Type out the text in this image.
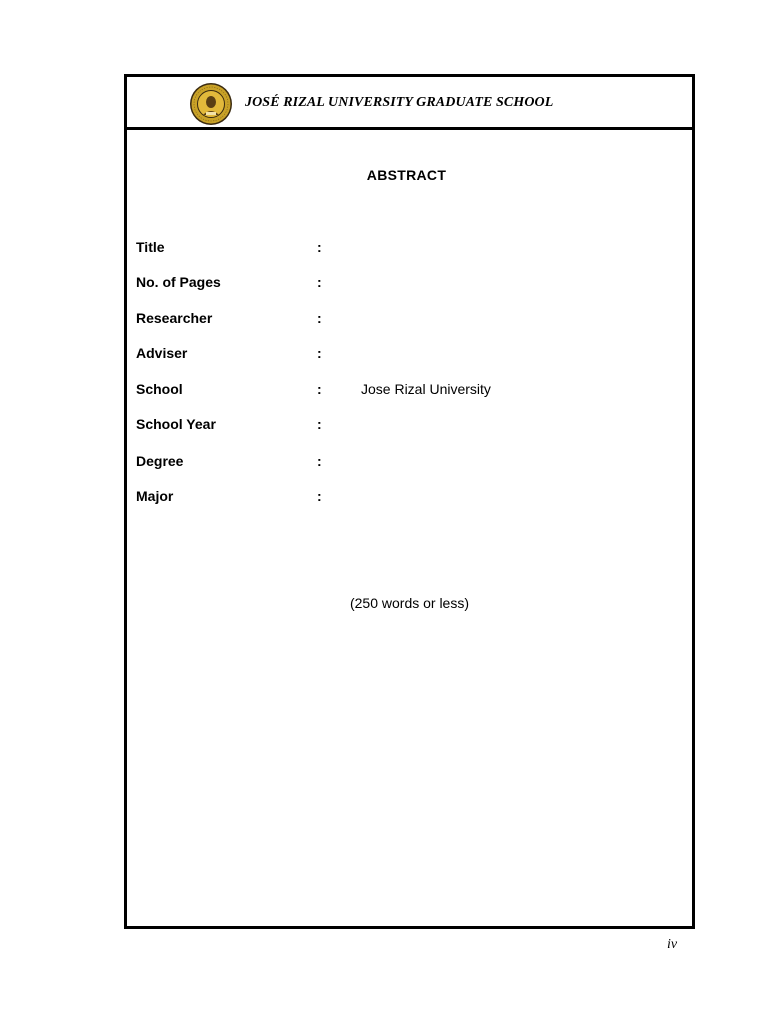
JOSÉ RIZAL UNIVERSITY GRADUATE SCHOOL
ABSTRACT
Title	:
No. of Pages	:
Researcher	:
Adviser	:
School	:	Jose Rizal University
School Year	:
Degree	:
Major	:
(250 words or less)
iv
